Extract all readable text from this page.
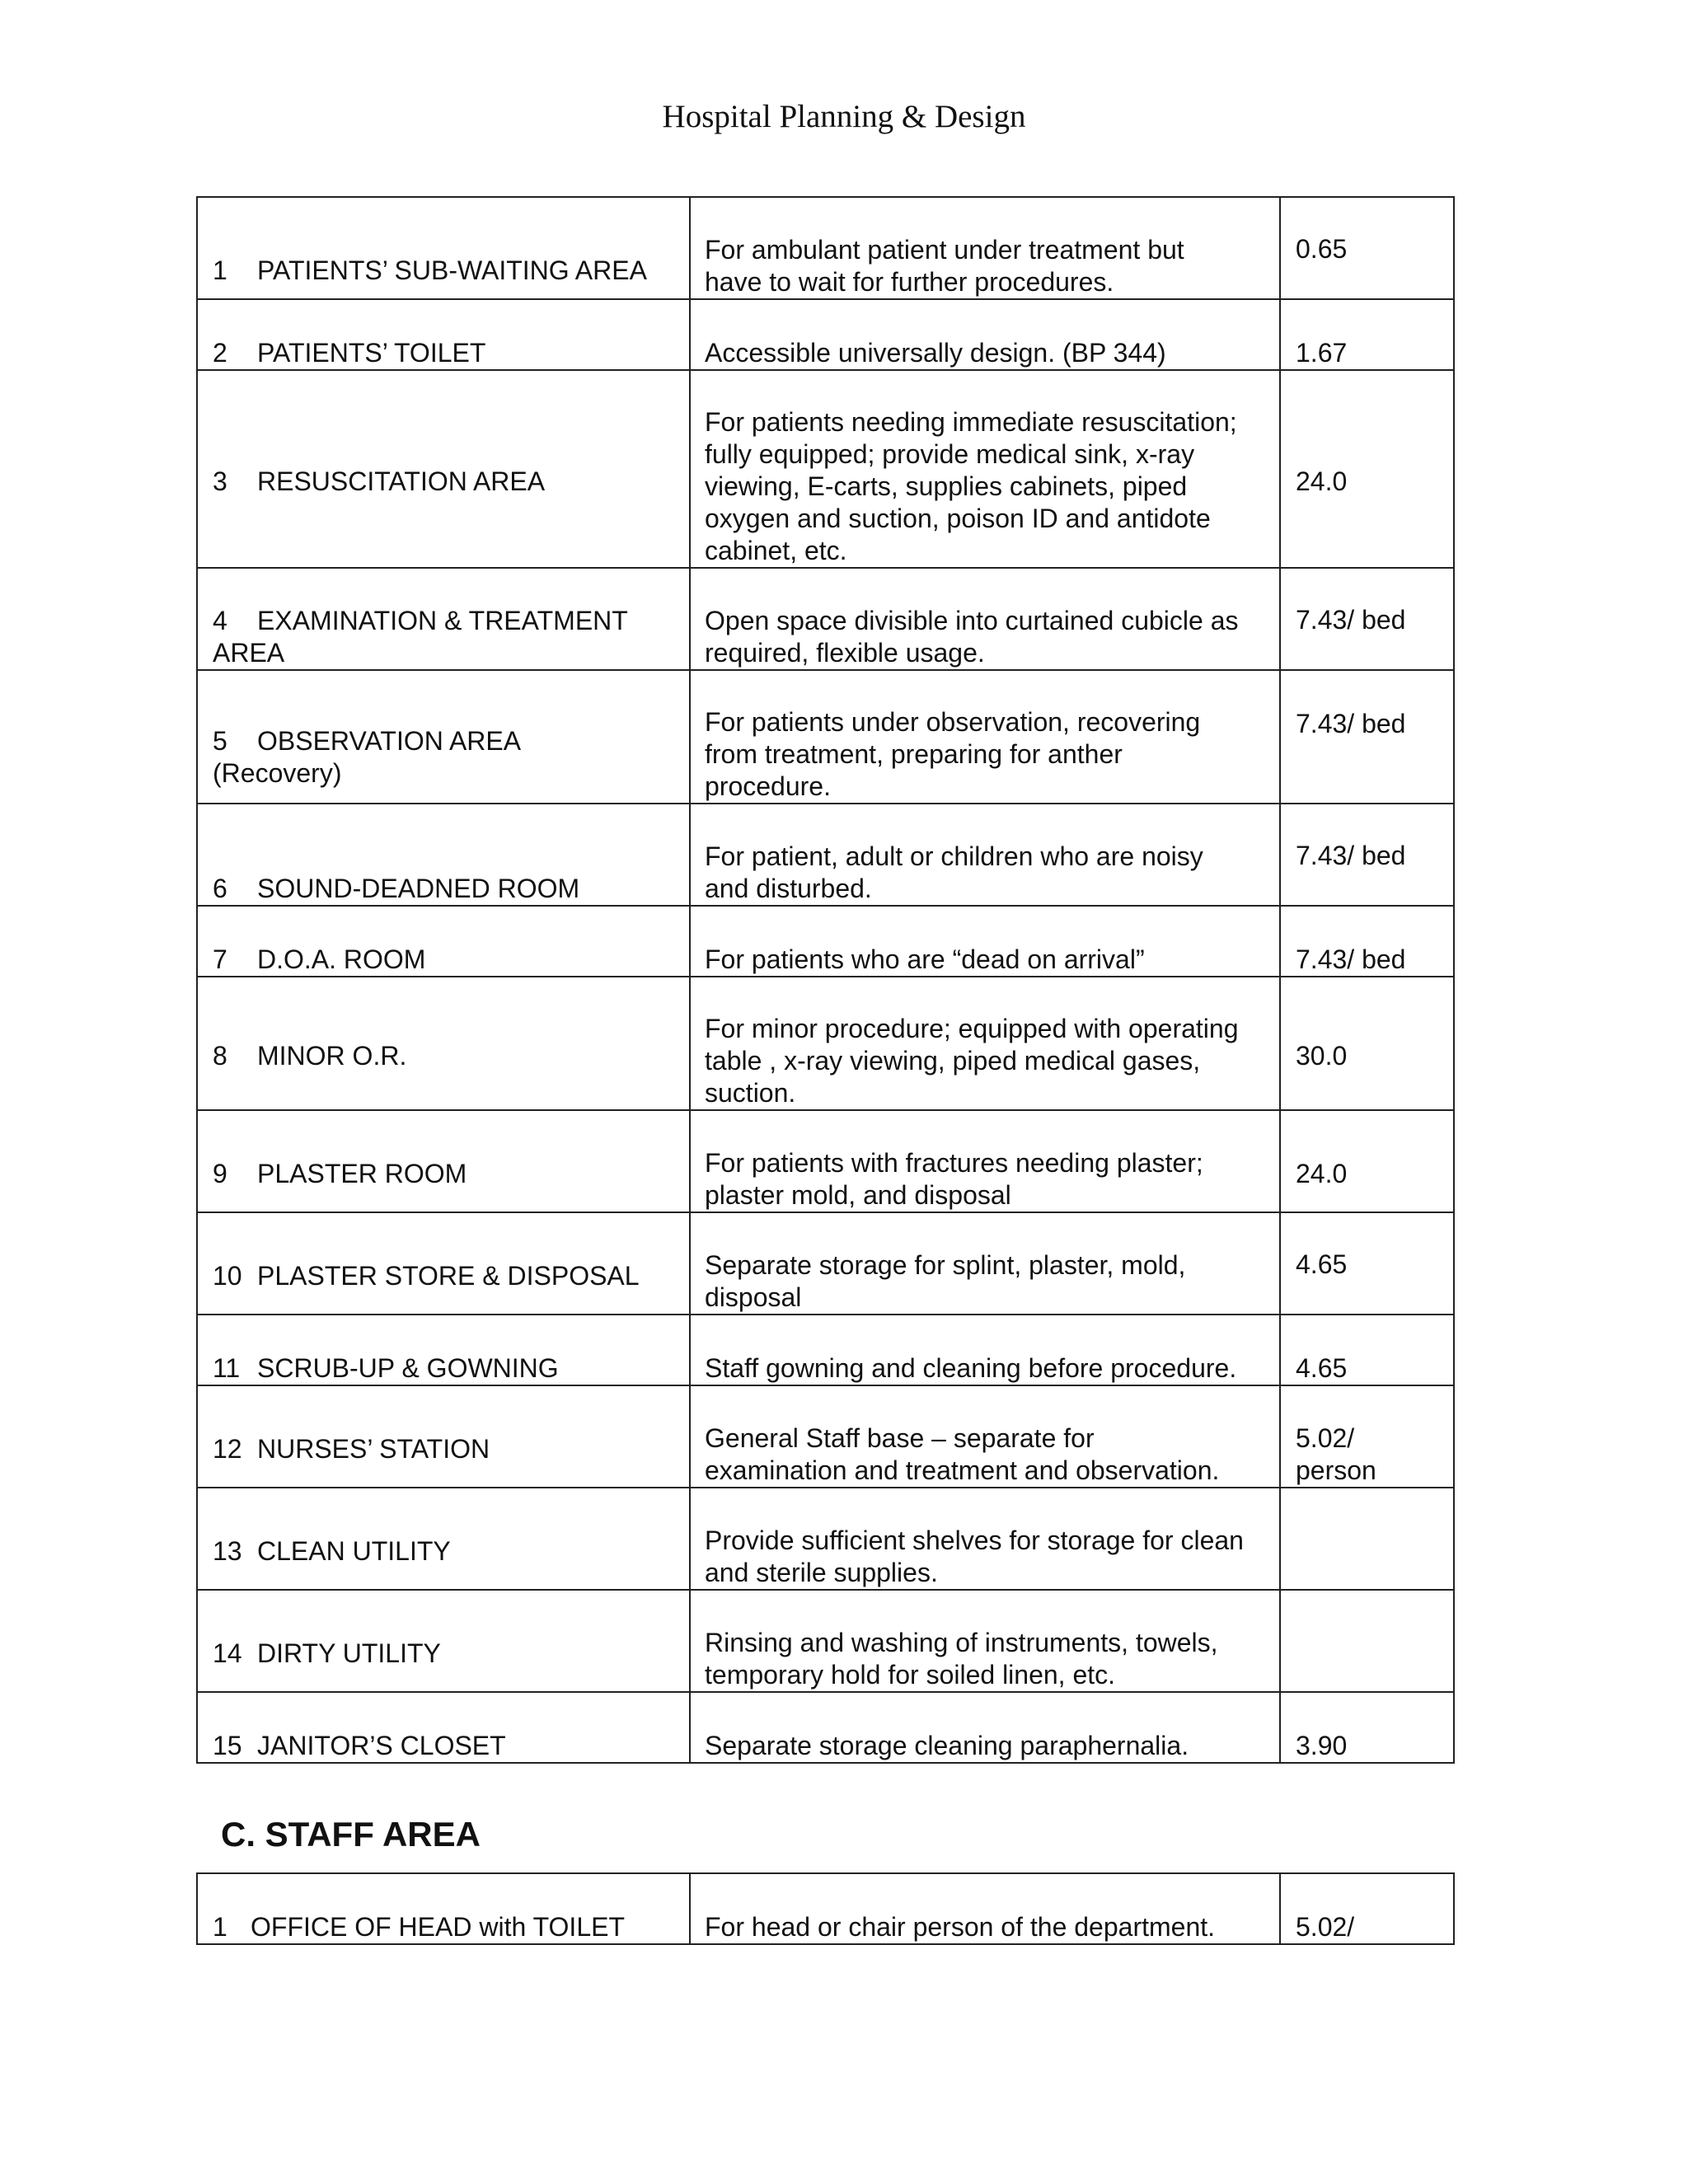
Hospital Planning & Design
1 PATIENTS’ SUB-WAITING AREA	For ambulant patient under treatment but
have to wait for further procedures.	0.65
2 PATIENTS’ TOILET	Accessible universally design. (BP 344)	1.67
3 RESUSCITATION AREA	For patients needing immediate resuscitation;
fully equipped; provide medical sink, x-ray
viewing, E-carts, supplies cabinets, piped
oxygen and suction, poison ID and antidote
cabinet, etc.	24.0
4 EXAMINATION & TREATMENT
AREA	Open space divisible into curtained cubicle as
required, flexible usage.	7.43/ bed
5 OBSERVATION AREA
(Recovery)	For patients under observation, recovering
from treatment, preparing for anther
procedure.	7.43/ bed
6 SOUND-DEADNED ROOM	For patient, adult or children who are noisy
and disturbed.	7.43/ bed
7 D.O.A. ROOM	For patients who are “dead on arrival”	7.43/ bed
8 MINOR O.R.	For minor procedure; equipped with operating
table , x-ray viewing, piped medical gases,
suction.	30.0
9 PLASTER ROOM	For patients with fractures needing plaster;
plaster mold, and disposal	24.0
10 PLASTER STORE & DISPOSAL	Separate storage for splint, plaster, mold,
disposal	4.65
11 SCRUB-UP & GOWNING	Staff gowning and cleaning before procedure.	4.65
12 NURSES’ STATION	General Staff base – separate for
examination and treatment and observation.	5.02/
person
13 CLEAN UTILITY	Provide sufficient shelves for storage for clean
and sterile supplies.	

14 DIRTY UTILITY	Rinsing and washing of instruments, towels,
temporary hold for soiled linen, etc.	

15 JANITOR’S CLOSET	Separate storage cleaning paraphernalia.	3.90
C. STAFF AREA
1 OFFICE OF HEAD with TOILET	For head or chair person of the department.	5.02/
